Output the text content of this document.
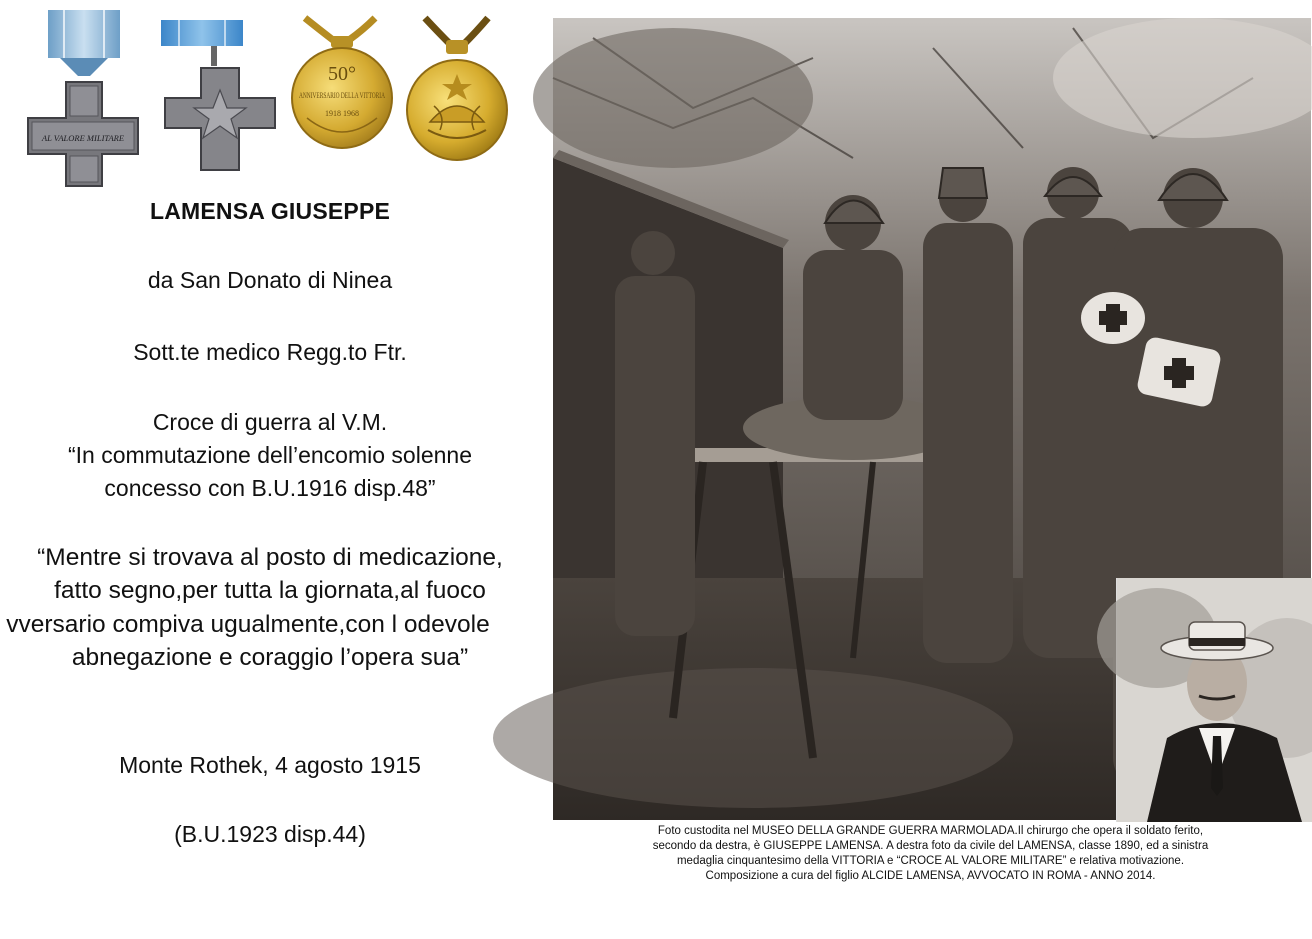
AL VALORE MILITARE
50°
ANNIVERSARIO DELLA VITTORIA
1918 1968
LAMENSA GIUSEPPE
da San Donato di Ninea
Sott.te medico Regg.to Ftr.
Croce di guerra al V.M.
“In commutazione dell’encomio solenne
concesso con B.U.1916 disp.48”
“Mentre si trovava al posto di medicazione,
fatto segno,per tutta la giornata,al fuoco
vversario compiva ugualmente,con l odevole
abnegazione e coraggio l’opera sua”
Monte Rothek, 4 agosto 1915
(B.U.1923 disp.44)	Foto custodita nel MUSEO DELLA GRANDE GUERRA MARMOLADA.Il chirurgo che opera il soldato ferito,
secondo da destra, è GIUSEPPE LAMENSA. A destra foto da civile del LAMENSA, classe 1890, ed a sinistra
medaglia cinquantesimo della VITTORIA e “CROCE AL VALORE MILITARE” e relativa motivazione.
Composizione a cura del figlio ALCIDE LAMENSA, AVVOCATO IN ROMA - ANNO 2014.
